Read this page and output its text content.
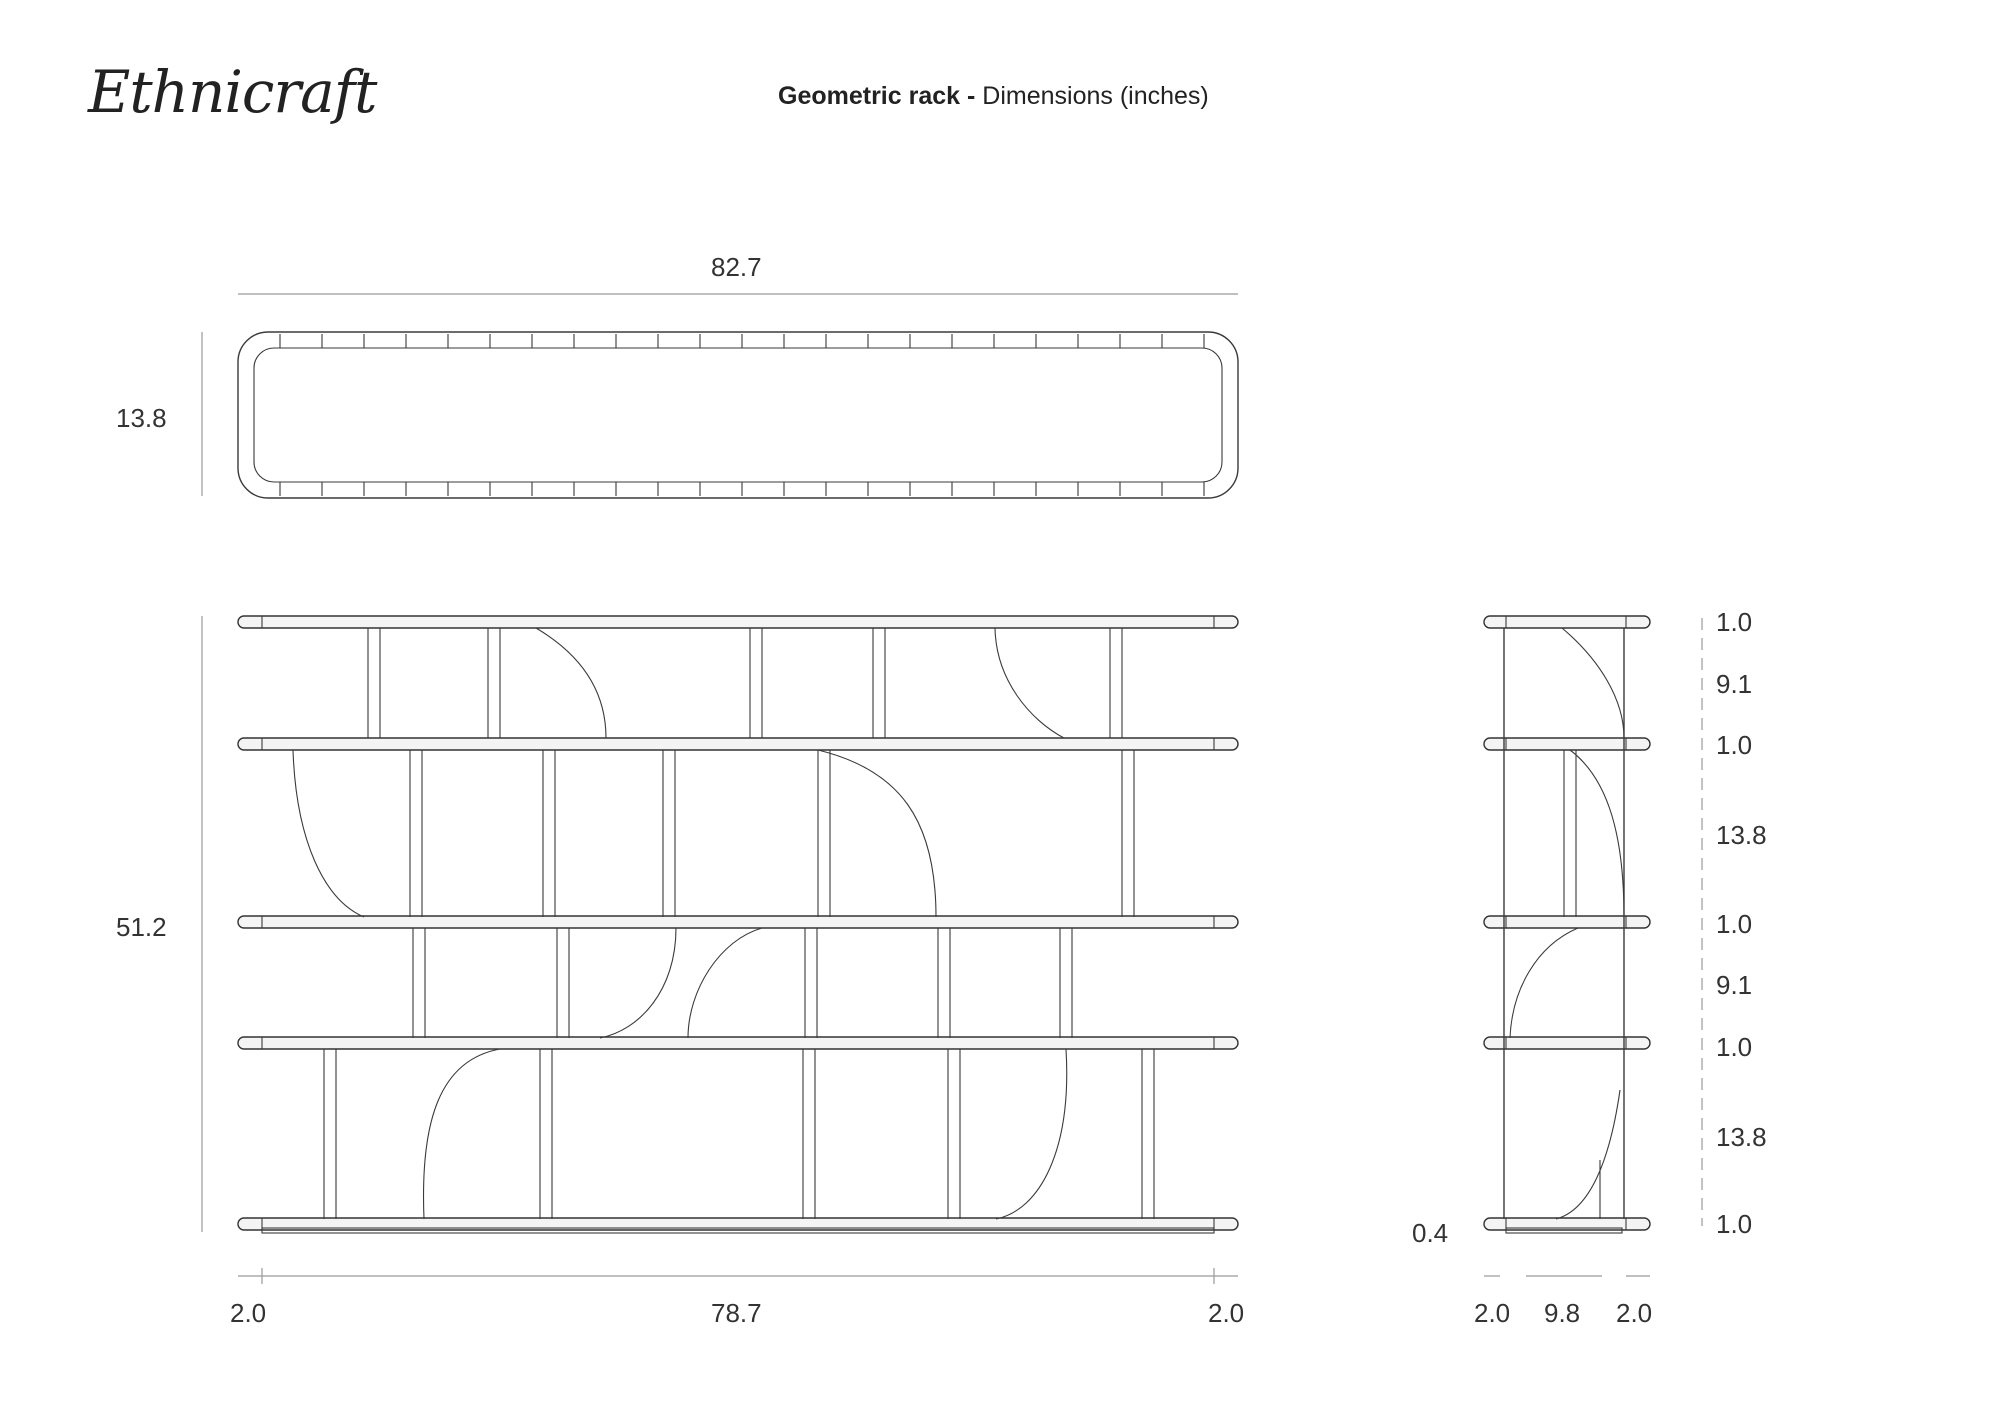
Ethnicraft	Geometric rack - Dimensions (inches)
82.7
13.8
51.2
2.0	78.7	2.0
1.0
9.1
1.0
13.8
1.0
9.1
1.0
13.8
1.0
0.4
2.0 9.8 2.0
